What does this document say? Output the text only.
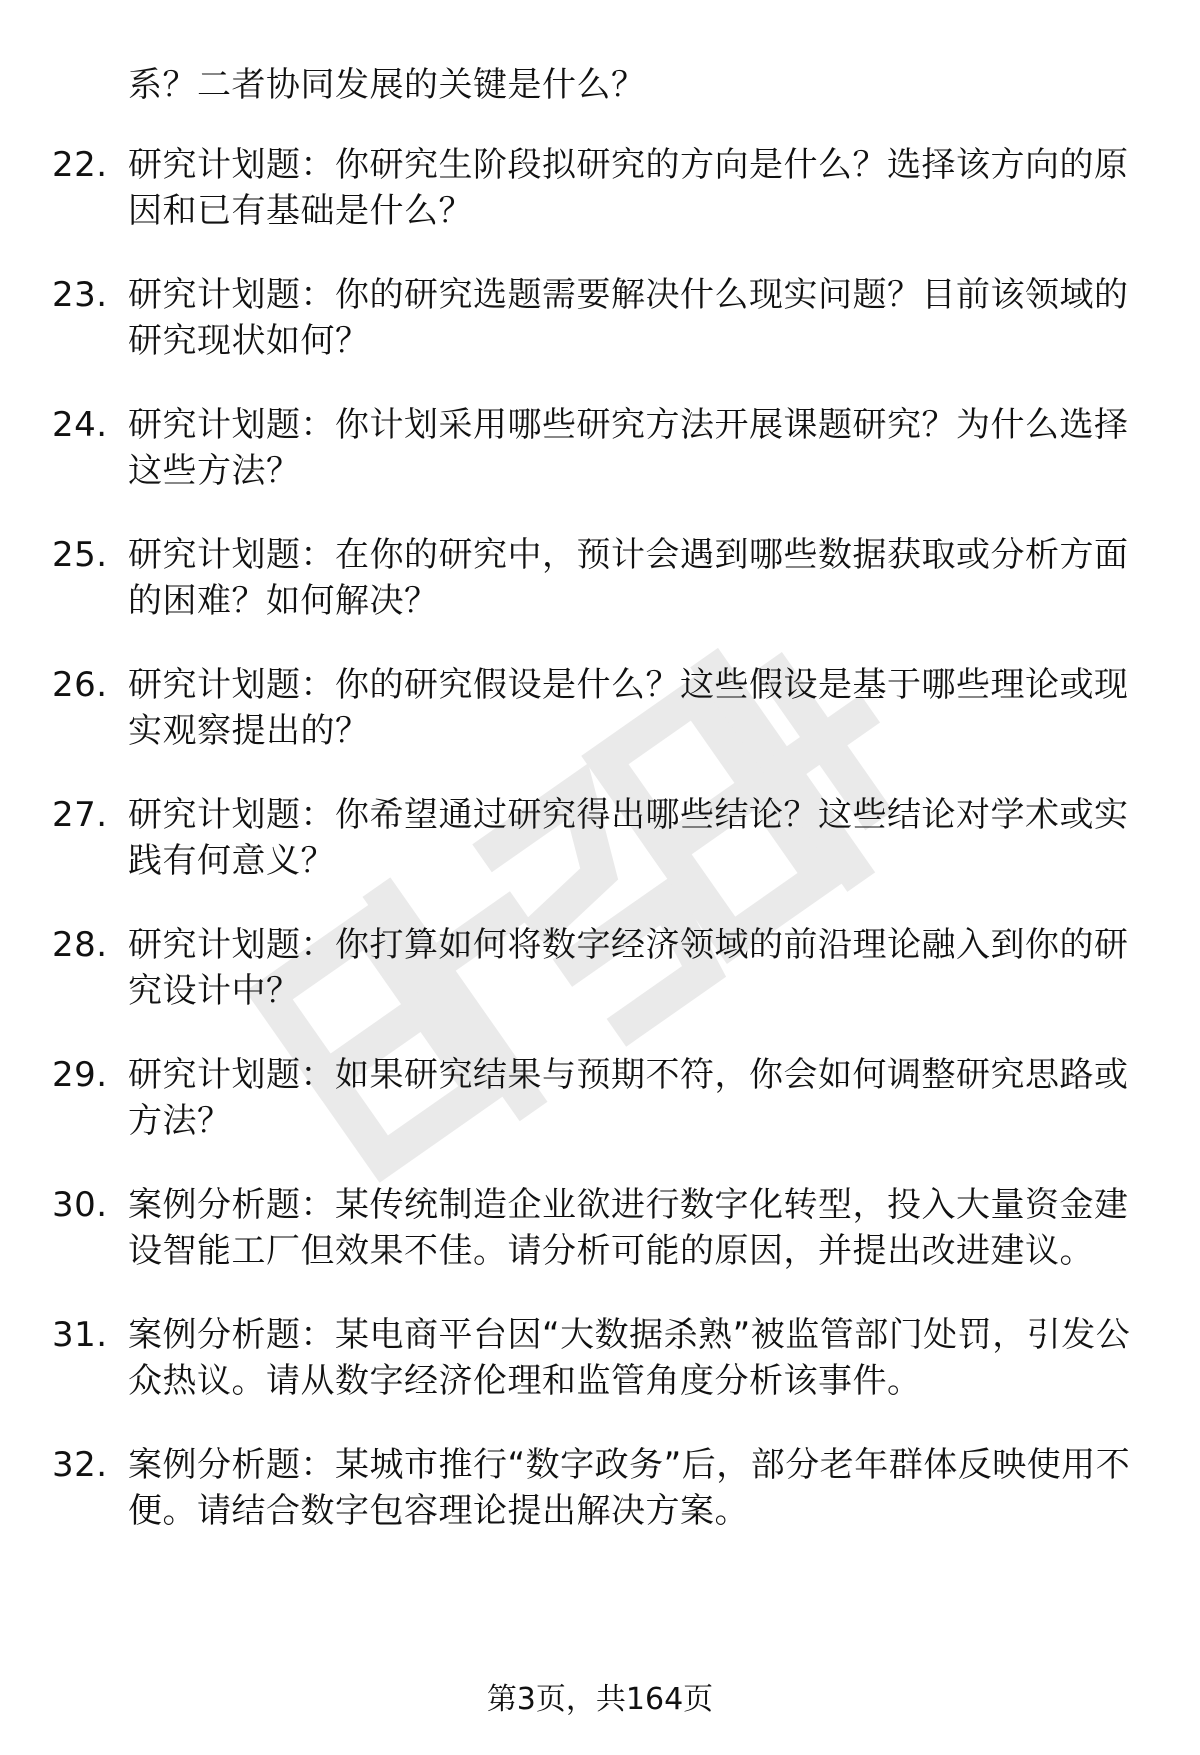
系？二者协同发展的关键是什么？
22. 研究计划题：你研究生阶段拟研究的方向是什么？选择该方向的原因和已有基础是什么？
23. 研究计划题：你的研究选题需要解决什么现实问题？目前该领域的研究现状如何？
24. 研究计划题：你计划采用哪些研究方法开展课题研究？为什么选择这些方法？
25. 研究计划题：在你的研究中，预计会遇到哪些数据获取或分析方面的困难？如何解决？
26. 研究计划题：你的研究假设是什么？这些假设是基于哪些理论或现实观察提出的？
27. 研究计划题：你希望通过研究得出哪些结论？这些结论对学术或实践有何意义？
28. 研究计划题：你打算如何将数字经济领域的前沿理论融入到你的研究设计中？
29. 研究计划题：如果研究结果与预期不符，你会如何调整研究思路或方法？
30. 案例分析题：某传统制造企业欲进行数字化转型，投入大量资金建设智能工厂但效果不佳。请分析可能的原因，并提出改进建议。
31. 案例分析题：某电商平台因“大数据杀熟”被监管部门处罚，引发公众热议。请从数字经济伦理和监管角度分析该事件。
32. 案例分析题：某城市推行“数字政务”后，部分老年群体反映使用不便。请结合数字包容理论提出解决方案。
第3页，共164页
